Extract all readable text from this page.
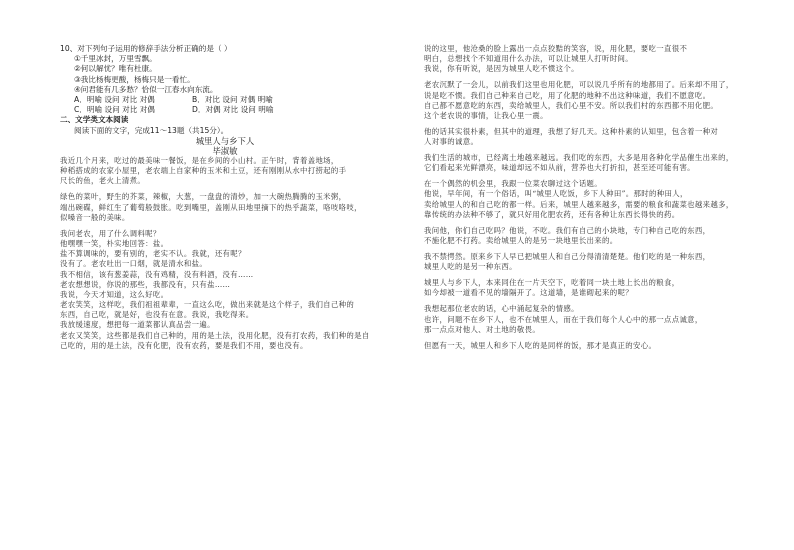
10、对下列句子运用的修辞手法分析正确的是（ ）
①千里冰封，万里雪飘。
②何以解忧？唯有杜康。
③我比杨梅更酸，杨梅只是一看忙。
④问君能有几多愁？恰似一江春水向东流。
A．明喻 设问 对比 对偶	B．对比 设问 对偶 明喻
C．明喻 设问 对比 对偶	D．对偶 对比 设问 明喻
二、文学类文本阅读
阅读下面的文字，完成11～13题（共15分）。
城里人与乡下人
毕淑敏
我近几个月来，吃过的最美味一餐饭，是在乡间的小山村。正午时，背着盖地场，
种稻搭成的农家小屋里，老农端上自家种的玉米和土豆，还有刚刚从水中打捞起的手
尺长的鱼，老火上清煮。
绿色的菜叶，野生的芥菜，辣椒，大葱，一盘盘的清炒，加一大碗热腾腾的玉米粥，
端出碗碟，鲜红生了葡萄般鼓胀。吃到嘴里，盖刚从田地里摘下的热乎蔬菜，咯吱咯吱，
似嗓音一般的美味。
我问老农，用了什么调料呢？
他嘿嘿一笑，朴实地回答：盐。
盐不算调味的，要有别的，老实不认。我就，还有呢？
没有了。老农吐出一口烟，就是清水和盐。
我不相信，该有葱姜蒜，没有鸡精，没有料酒，没有……
老农想想说，你说的那些，我都没有，只有盐……
我说，今天才知道，这么好吃。
老农笑笑，这样吃，我们祖祖辈辈，一直这么吃，做出来就是这个样子，我们自己种的
东西，自己吃，就是好，也没有在意。我说，我吃得来。
我放缓速度，想把每一道菜都认真品尝一遍。
老农又笑笑，这些都是我们自己种的，用的是土法，没用化肥，没有打农药，我们种的是自
己吃的，用的是土法，没有化肥，没有农药，要是我们不用，要也没有。
说的这里，他沧桑的脸上露出一点点狡黠的笑容，说，用化肥，要吃一直很不
明白，总想找个不知道用什么办法，可以让城里人打听时间。
我说，你有听说，是因为城里人吃不惯这个。
老农沉默了一会儿，以前我们这里也用化肥，可以说几乎所有的地都用了。后来却不用了，
说是吃不惯。我们自己种来自己吃，用了化肥的地种不出这种味道，我们不愿意吃。
自己都不愿意吃的东西，卖给城里人，我们心里不安。所以我们村的东西都不用化肥。
这个老农说的事情，让我心里一震。
他的话其实很朴素，但其中的道理，我想了好几天。这种朴素的认知里，包含着一种对
人对事的诚意。
我们生活的城市，已经离土地越来越远。我们吃的东西，大多是用各种化学品催生出来的，
它们看起来光鲜漂亮，味道却远不如从前，营养也大打折扣，甚至还可能有害。
在一个偶然的机会里，我跟一位菜农聊过这个话题。
他说，早年间，有一个俗话，叫“城里人吃饭，乡下人种田”。那时的种田人，
卖给城里人的和自己吃的都一样。后来，城里人越来越多，需要的粮食和蔬菜也越来越多，
靠传统的办法种不够了，就只好用化肥农药，还有各种让东西长得快的药。
我问他，你们自己吃吗？他说，不吃。我们有自己的小块地，专门种自己吃的东西，
不施化肥不打药。卖给城里人的是另一块地里长出来的。
我不禁愕然。原来乡下人早已把城里人和自己分得清清楚楚。他们吃的是一种东西，
城里人吃的是另一种东西。
城里人与乡下人，本来同住在一片天空下，吃着同一块土地上长出的粮食，
如今却被一道看不见的墙隔开了。这道墙，是谁砌起来的呢？
我想起那位老农的话，心中涌起复杂的情感。
也许，问题不在乡下人，也不在城里人，而在于我们每个人心中的那一点点诚意，
那一点点对他人、对土地的敬畏。
但愿有一天，城里人和乡下人吃的是同样的饭，那才是真正的安心。
